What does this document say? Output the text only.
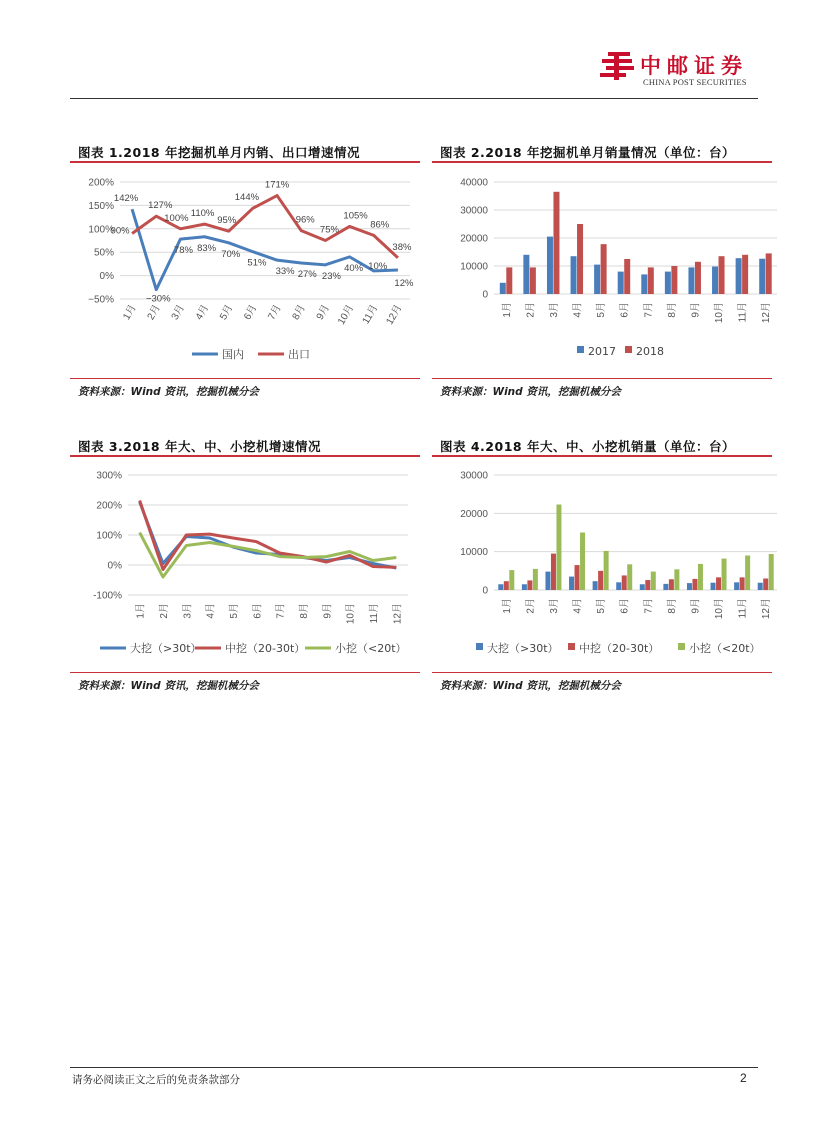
中邮证券
CHINA POST SECURITIES
图表 1.2018 年挖掘机单月内销、出口增速情况	图表 2.2018 年挖掘机单月销量情况（单位：台）
资料来源：Wind 资讯，挖掘机械分会	资料来源：Wind 资讯，挖掘机械分会
图表 3.2018 年大、中、小挖机增速情况	图表 4.2018 年大、中、小挖机销量（单位：台）
资料来源：Wind 资讯，挖掘机械分会	资料来源：Wind 资讯，挖掘机械分会
200%
150%
100%
50%
0%
−50%
1月 2月 3月 4月 5月 6月 7月 8月 9月 10月 11月 12月
142%
−30%
78% 83%
70%
51%
33% 27% 23%
40% 10%
12%
90%
127%
100% 110%
95%
144%
171%
96%
75%
105%
86%
38%
国内	出口
40000
30000
20000
10000
0
1月 2月 3月 4月 5月 6月 7月 8月 9月 10月 11月 12月
2017 2018
300%
200%
100%
0%
-100%
1月 2月 3月 4月 5月 6月 7月 8月 9月 10月 11月 12月
大挖（>30t） 中挖（20-30t）	小挖（<20t）
30000
20000
10000
0
1月 2月 3月 4月 5月 6月 7月 8月 9月 10月 11月 12月
大挖（>30t） 中挖（20-30t）	小挖（<20t）
请务必阅读正文之后的免责条款部分	2
